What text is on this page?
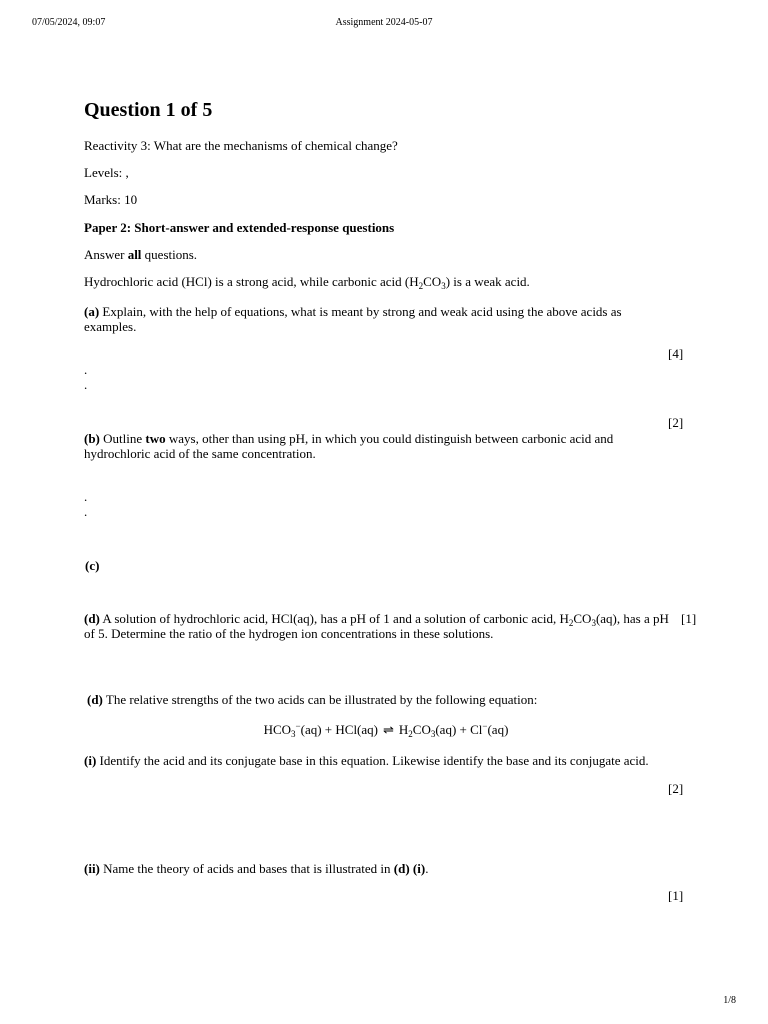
07/05/2024, 09:07	Assignment 2024-05-07
Question 1 of 5
Reactivity 3: What are the mechanisms of chemical change?
Levels: ,
Marks: 10
Paper 2: Short-answer and extended-response questions
Answer all questions.
Hydrochloric acid (HCl) is a strong acid, while carbonic acid $(H_2CO_3)$ is a weak acid.
(a) Explain, with the help of equations, what is meant by strong and weak acid using the above acids as examples.
[4]
.
.
[2]
(b) Outline two ways, other than using pH, in which you could distinguish between carbonic acid and hydrochloric acid of the same concentration.
.
.
(c)
(d) A solution of hydrochloric acid, HCl(aq), has a pH of 1 and a solution of carbonic acid, $H_2CO_3(aq)$, has a pH of 5. Determine the ratio of the hydrogen ion concentrations in these solutions.
[1]
(d) The relative strengths of the two acids can be illustrated by the following equation:
$HCO_3^-(aq) + HCl(aq)$ ⇌ $H_2CO_3(aq) + Cl^-(aq)$
(i) Identify the acid and its conjugate base in this equation. Likewise identify the base and its conjugate acid.
[2]
(ii) Name the theory of acids and bases that is illustrated in (d) (i).
[1]
1/8
